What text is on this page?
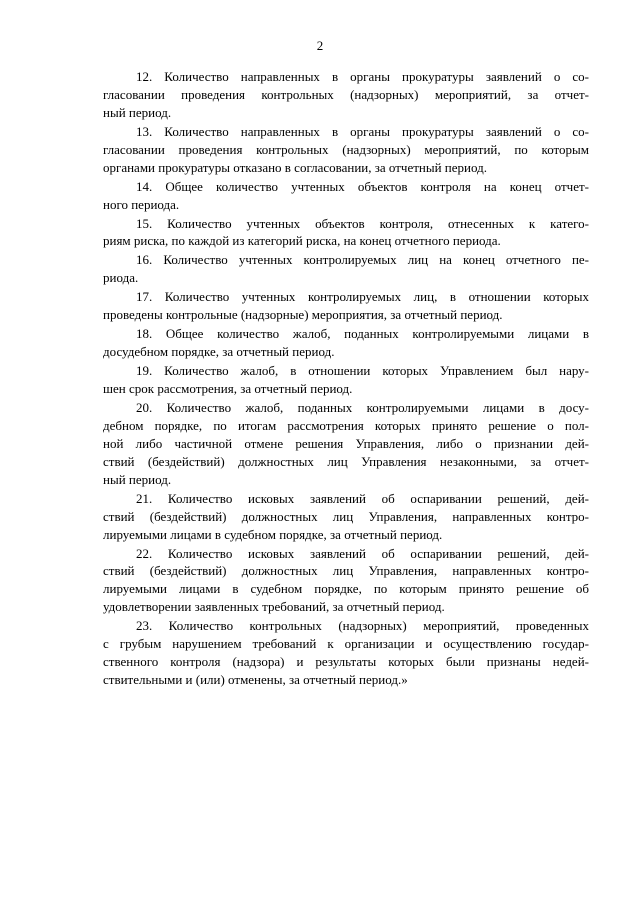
2
12. Количество направленных в органы прокуратуры заявлений о со-
гласовании проведения контрольных (надзорных) мероприятий, за отчет-
ный период.
13. Количество направленных в органы прокуратуры заявлений о со-
гласовании проведения контрольных (надзорных) мероприятий, по которым
органами прокуратуры отказано в согласовании, за отчетный период.
14. Общее количество учтенных объектов контроля на конец отчет-
ного периода.
15. Количество учтенных объектов контроля, отнесенных к катего-
риям риска, по каждой из категорий риска, на конец отчетного периода.
16. Количество учтенных контролируемых лиц на конец отчетного пе-
риода.
17. Количество учтенных контролируемых лиц, в отношении которых
проведены контрольные (надзорные) мероприятия, за отчетный период.
18. Общее количество жалоб, поданных контролируемыми лицами в
досудебном порядке, за отчетный период.
19. Количество жалоб, в отношении которых Управлением был нару-
шен срок рассмотрения, за отчетный период.
20. Количество жалоб, поданных контролируемыми лицами в досу-
дебном порядке, по итогам рассмотрения которых принято решение о пол-
ной либо частичной отмене решения Управления, либо о признании дей-
ствий (бездействий) должностных лиц Управления незаконными, за отчет-
ный период.
21. Количество исковых заявлений об оспаривании решений, дей-
ствий (бездействий) должностных лиц Управления, направленных контро-
лируемыми лицами в судебном порядке, за отчетный период.
22. Количество исковых заявлений об оспаривании решений, дей-
ствий (бездействий) должностных лиц Управления, направленных контро-
лируемыми лицами в судебном порядке, по которым принято решение об
удовлетворении заявленных требований, за отчетный период.
23. Количество контрольных (надзорных) мероприятий, проведенных
с грубым нарушением требований к организации и осуществлению государ-
ственного контроля (надзора) и результаты которых были признаны недей-
ствительными и (или) отменены, за отчетный период.»
